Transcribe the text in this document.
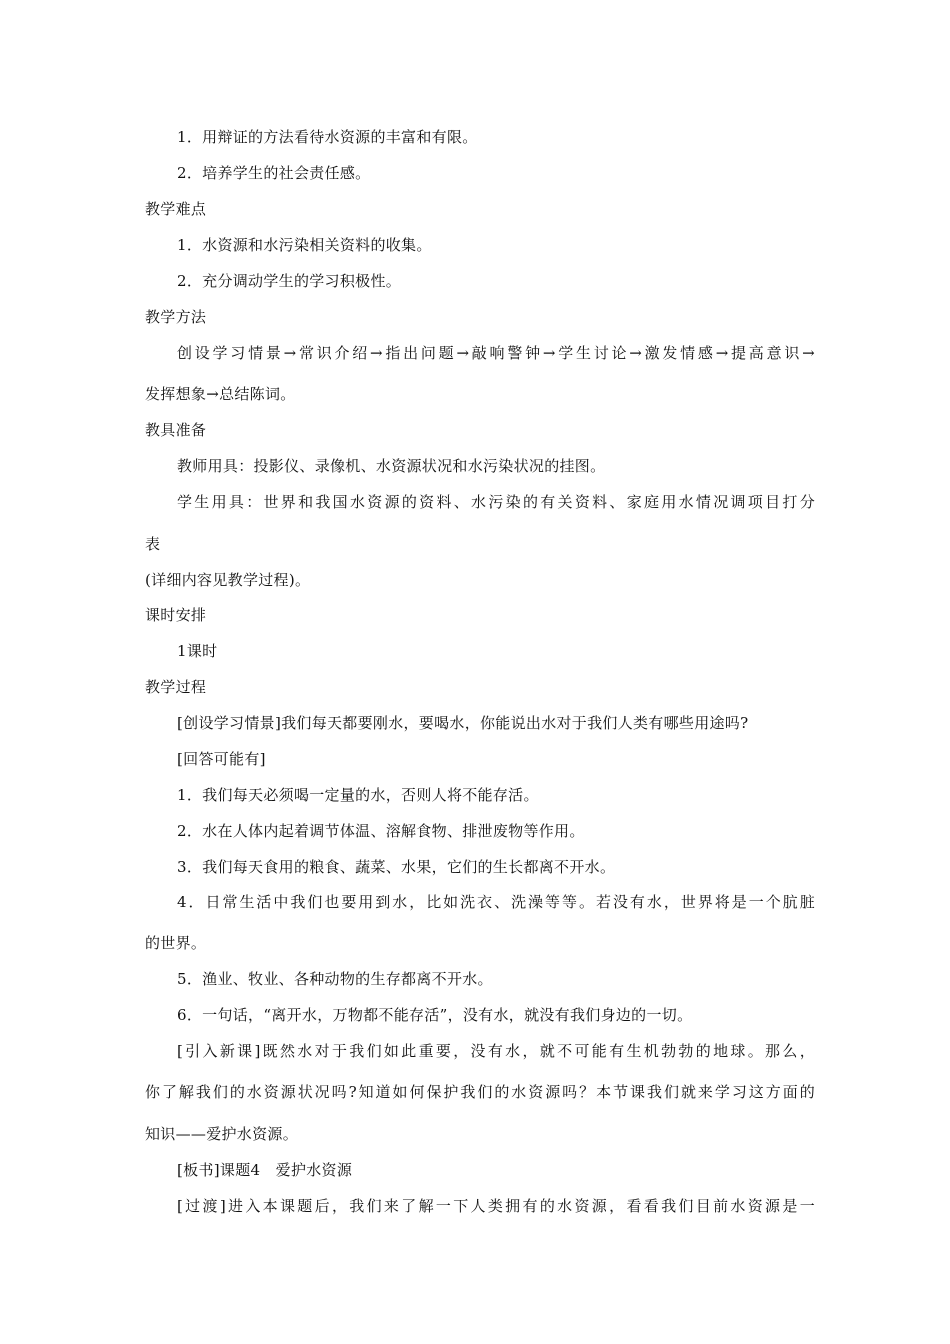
1．用辩证的方法看待水资源的丰富和有限。
2．培养学生的社会责任感。
教学难点
1．水资源和水污染相关资料的收集。
2．充分调动学生的学习积极性。
教学方法
创设学习情景→常识介绍→指出问题→敲响警钟→学生讨论→激发情感→提高意识→
发挥想象→总结陈词。
教具准备
教师用具：投影仪、录像机、水资源状况和水污染状况的挂图。
学生用具：世界和我国水资源的资料、水污染的有关资料、家庭用水情况调项目打分
表
(详细内容见教学过程)。
课时安排
1课时
教学过程
[创设学习情景]我们每天都要刚水，要喝水，你能说出水对于我们人类有哪些用途吗?
[回答可能有]
1．我们每天必须喝一定量的水，否则人将不能存活。
2．水在人体内起着调节体温、溶解食物、排泄废物等作用。
3．我们每天食用的粮食、蔬菜、水果，它们的生长都离不开水。
4．日常生活中我们也要用到水，比如洗衣、洗澡等等。若没有水，世界将是一个肮脏
的世界。
5．渔业、牧业、各种动物的生存都离不开水。
6．一句话，“离开水，万物都不能存活”，没有水，就没有我们身边的一切。
[引入新课]既然水对于我们如此重要，没有水，就不可能有生机勃勃的地球。那么，
你了解我们的水资源状况吗?知道如何保护我们的水资源吗？本节课我们就来学习这方面的
知识——爱护水资源。
[板书]课题4　爱护水资源
[过渡]进入本课题后，我们来了解一下人类拥有的水资源，看看我们目前水资源是一
